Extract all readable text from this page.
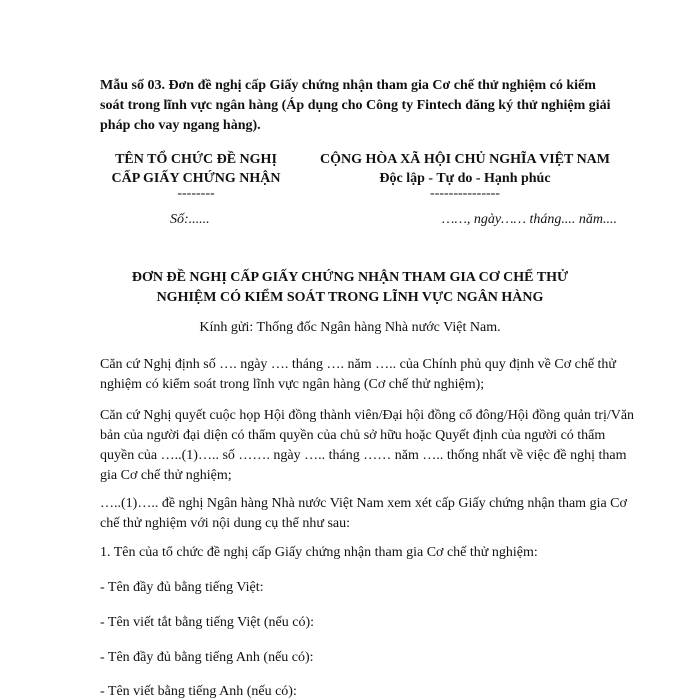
Mẫu số 03. Đơn đề nghị cấp Giấy chứng nhận tham gia Cơ chế thử nghiệm có kiểm soát trong lĩnh vực ngân hàng (Áp dụng cho Công ty Fintech đăng ký thử nghiệm giải pháp cho vay ngang hàng).
TÊN TỔ CHỨC ĐỀ NGHỊ
CẤP GIẤY CHỨNG NHẬN
--------
CỘNG HÒA XÃ HỘI CHỦ NGHĨA VIỆT NAM
Độc lập - Tự do - Hạnh phúc
---------------
Số:......	……, ngày…… tháng.... năm....
ĐƠN ĐỀ NGHỊ CẤP GIẤY CHỨNG NHẬN THAM GIA CƠ CHẾ THỬ
NGHIỆM CÓ KIỂM SOÁT TRONG LĨNH VỰC NGÂN HÀNG
Kính gửi: Thống đốc Ngân hàng Nhà nước Việt Nam.
Căn cứ Nghị định số …. ngày …. tháng …. năm ….. của Chính phủ quy định về Cơ chế thử nghiệm có kiểm soát trong lĩnh vực ngân hàng (Cơ chế thử nghiệm);
Căn cứ Nghị quyết cuộc họp Hội đồng thành viên/Đại hội đồng cổ đông/Hội đồng quản trị/Văn bản của người đại diện có thẩm quyền của chủ sở hữu hoặc Quyết định của người có thẩm quyền của …..(1)….. số ……. ngày ….. tháng …… năm ….. thống nhất về việc đề nghị tham gia Cơ chế thử nghiệm;
…..(1)….. đề nghị Ngân hàng Nhà nước Việt Nam xem xét cấp Giấy chứng nhận tham gia Cơ chế thử nghiệm với nội dung cụ thể như sau:
1. Tên của tổ chức đề nghị cấp Giấy chứng nhận tham gia Cơ chế thử nghiệm:
- Tên đầy đủ bằng tiếng Việt:
- Tên viết tắt bằng tiếng Việt (nếu có):
- Tên đầy đủ bằng tiếng Anh (nếu có):
- Tên viết bằng tiếng Anh (nếu có):
